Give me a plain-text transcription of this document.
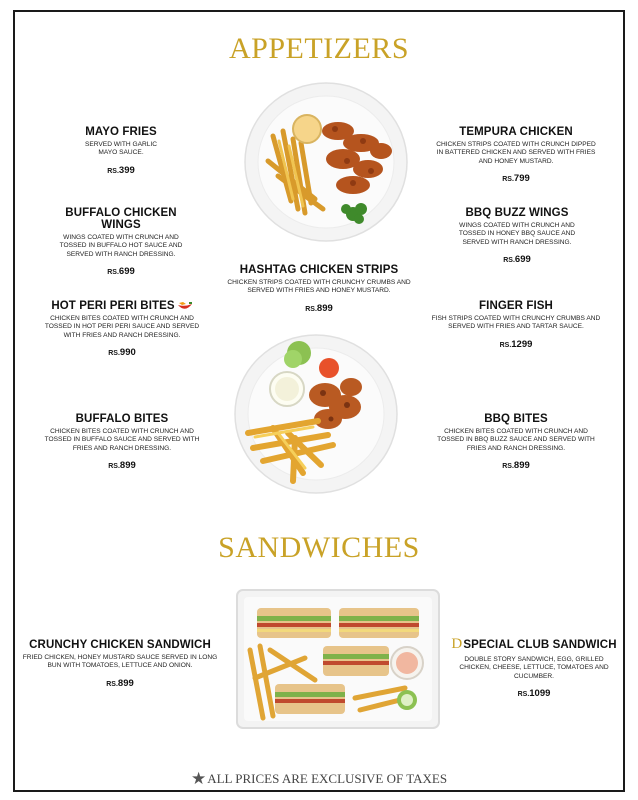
APPETIZERS
MAYO FRIES
SERVED WITH GARLIC MAYO SAUCE.
RS.399
TEMPURA CHICKEN
CHICKEN STRIPS COATED WITH CRUNCH DIPPED IN BATTERED CHICKEN AND SERVED WITH FRIES AND HONEY MUSTARD.
RS.799
BUFFALO CHICKEN WINGS
WINGS COATED WITH CRUNCH AND TOSSED IN BUFFALO HOT SAUCE AND SERVED WITH RANCH DRESSING.
RS.699
BBQ BUZZ WINGS
WINGS COATED WITH CRUNCH AND TOSSED IN HONEY BBQ SAUCE AND SERVED WITH RANCH DRESSING.
RS.699
HASHTAG CHICKEN STRIPS
CHICKEN STRIPS COATED WITH CRUNCHY CRUMBS AND SERVED WITH FRIES AND HONEY MUSTARD.
RS.899
HOT PERI PERI BITES
CHICKEN BITES COATED WITH CRUNCH AND TOSSED IN HOT PERI PERI SAUCE AND SERVED WITH FRIES AND RANCH DRESSING.
RS.990
FINGER FISH
FISH STRIPS COATED WITH CRUNCHY CRUMBS AND SERVED WITH FRIES AND TARTAR SAUCE.
RS.1299
BUFFALO BITES
CHICKEN BITES COATED WITH CRUNCH AND TOSSED IN BUFFALO SAUCE AND SERVED WITH FRIES AND RANCH DRESSING.
RS.899
BBQ BITES
CHICKEN BITES COATED WITH CRUNCH AND TOSSED IN BBQ BUZZ SAUCE AND SERVED WITH FRIES AND RANCH DRESSING.
RS.899
SANDWICHES
CRUNCHY CHICKEN SANDWICH
FRIED CHICKEN, HONEY MUSTARD SAUCE SERVED IN LONG BUN WITH TOMATOES, LETTUCE AND ONION.
RS.899
DSPECIAL CLUB SANDWICH
DOUBLE STORY SANDWICH, EGG, GRILLED CHICKEN, CHEESE, LETTUCE, TOMATOES AND CUCUMBER.
RS.1099
★ALL PRICES ARE EXCLUSIVE OF TAXES
